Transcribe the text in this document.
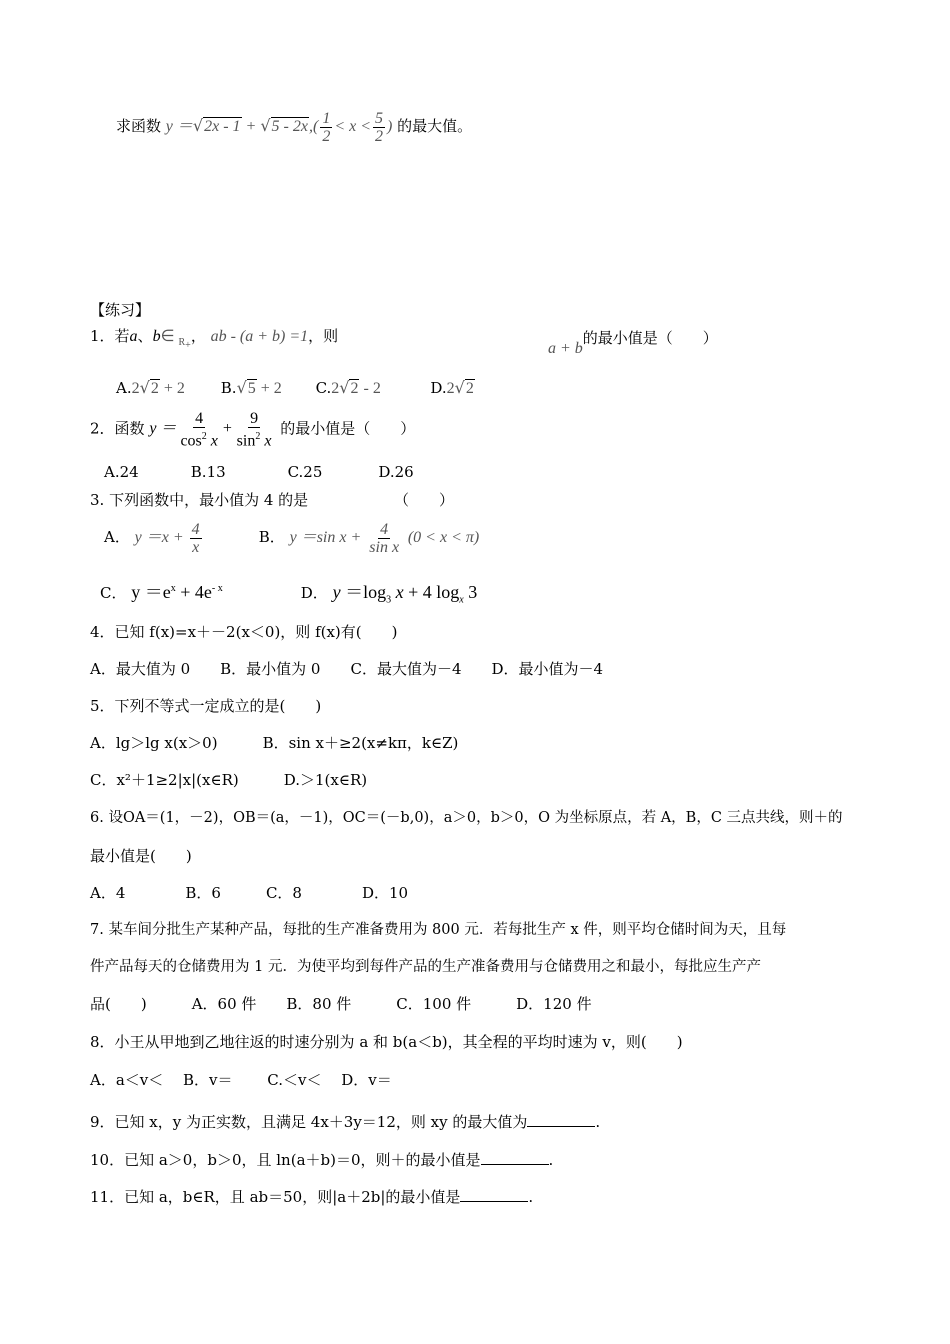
求函数 $y =√2x - 1 + √5 - 2x,( \frac{1}{2} < x < \frac{5}{2}$ ) 的最大值。
【练习】
1．若a、b∈ $_{R_+}$， ab - (a + b) =1，则
a + b的最小值是（　　）
A.2√2 + 2 B.√5 + 2 C.2√2 - 2	D.2√2
2．函数 $y = \frac{4}{\cos^2 x} + \frac{9}{\sin^2 x}$ 的最小值是（　　）
A.24	B.13	C.25	D.26
3. 下列函数中，最小值为 4 的是	（　　）
A． $y =x + \frac{4}{x}$	B． y ＝sin $x + \frac{4}{\text{sin x}} (0 < x < \pi)$
C． $y =e^x + 4e^{- x}$	D． $y =\log_3$ x + 4 $\log_x 3$
4．已知 f(x)=x＋－2(x＜0)，则 f(x)有(　　)
A．最大值为 0　　B．最小值为 0　　C．最大值为－4　　D．最小值为－4
5．下列不等式一定成立的是(　　)
A．lg＞lg x(x＞0)　　　B．sin x＋≥2(x≠kπ，k∈Z)
C．x²＋1≥2|x|(x∈R)　　　D.＞1(x∈R)
6. 设OA＝(1，－2)，OB＝(a，－1)，OC＝(－b,0)，a＞0，b＞0，O 为坐标原点，若 A，B，C 三点共线，则＋的
最小值是(　　)
A．4　　　　B．6　　　C．8　　　　D．10
7. 某车间分批生产某种产品，每批的生产准备费用为 800 元．若每批生产 x 件，则平均仓储时间为天，且每
件产品每天的仓储费用为 1 元．为使平均到每件产品的生产准备费用与仓储费用之和最小，每批应生产产
品(　　)　　　A．60 件　　B．80 件　　　C．100 件　　　D．120 件
8．小王从甲地到乙地往返的时速分别为 a 和 b(a＜b)，其全程的平均时速为 v，则(　　)
A．a＜v＜　 B．v＝　　 C.＜v＜　 D．v＝
9．已知 x，y 为正实数，且满足 4x＋3y＝12，则 xy 的最大值为	.
10．已知 a＞0，b＞0，且 ln(a＋b)＝0，则＋的最小值是	.
11．已知 a，b∈R，且 ab＝50，则|a＋2b|的最小值是	.
